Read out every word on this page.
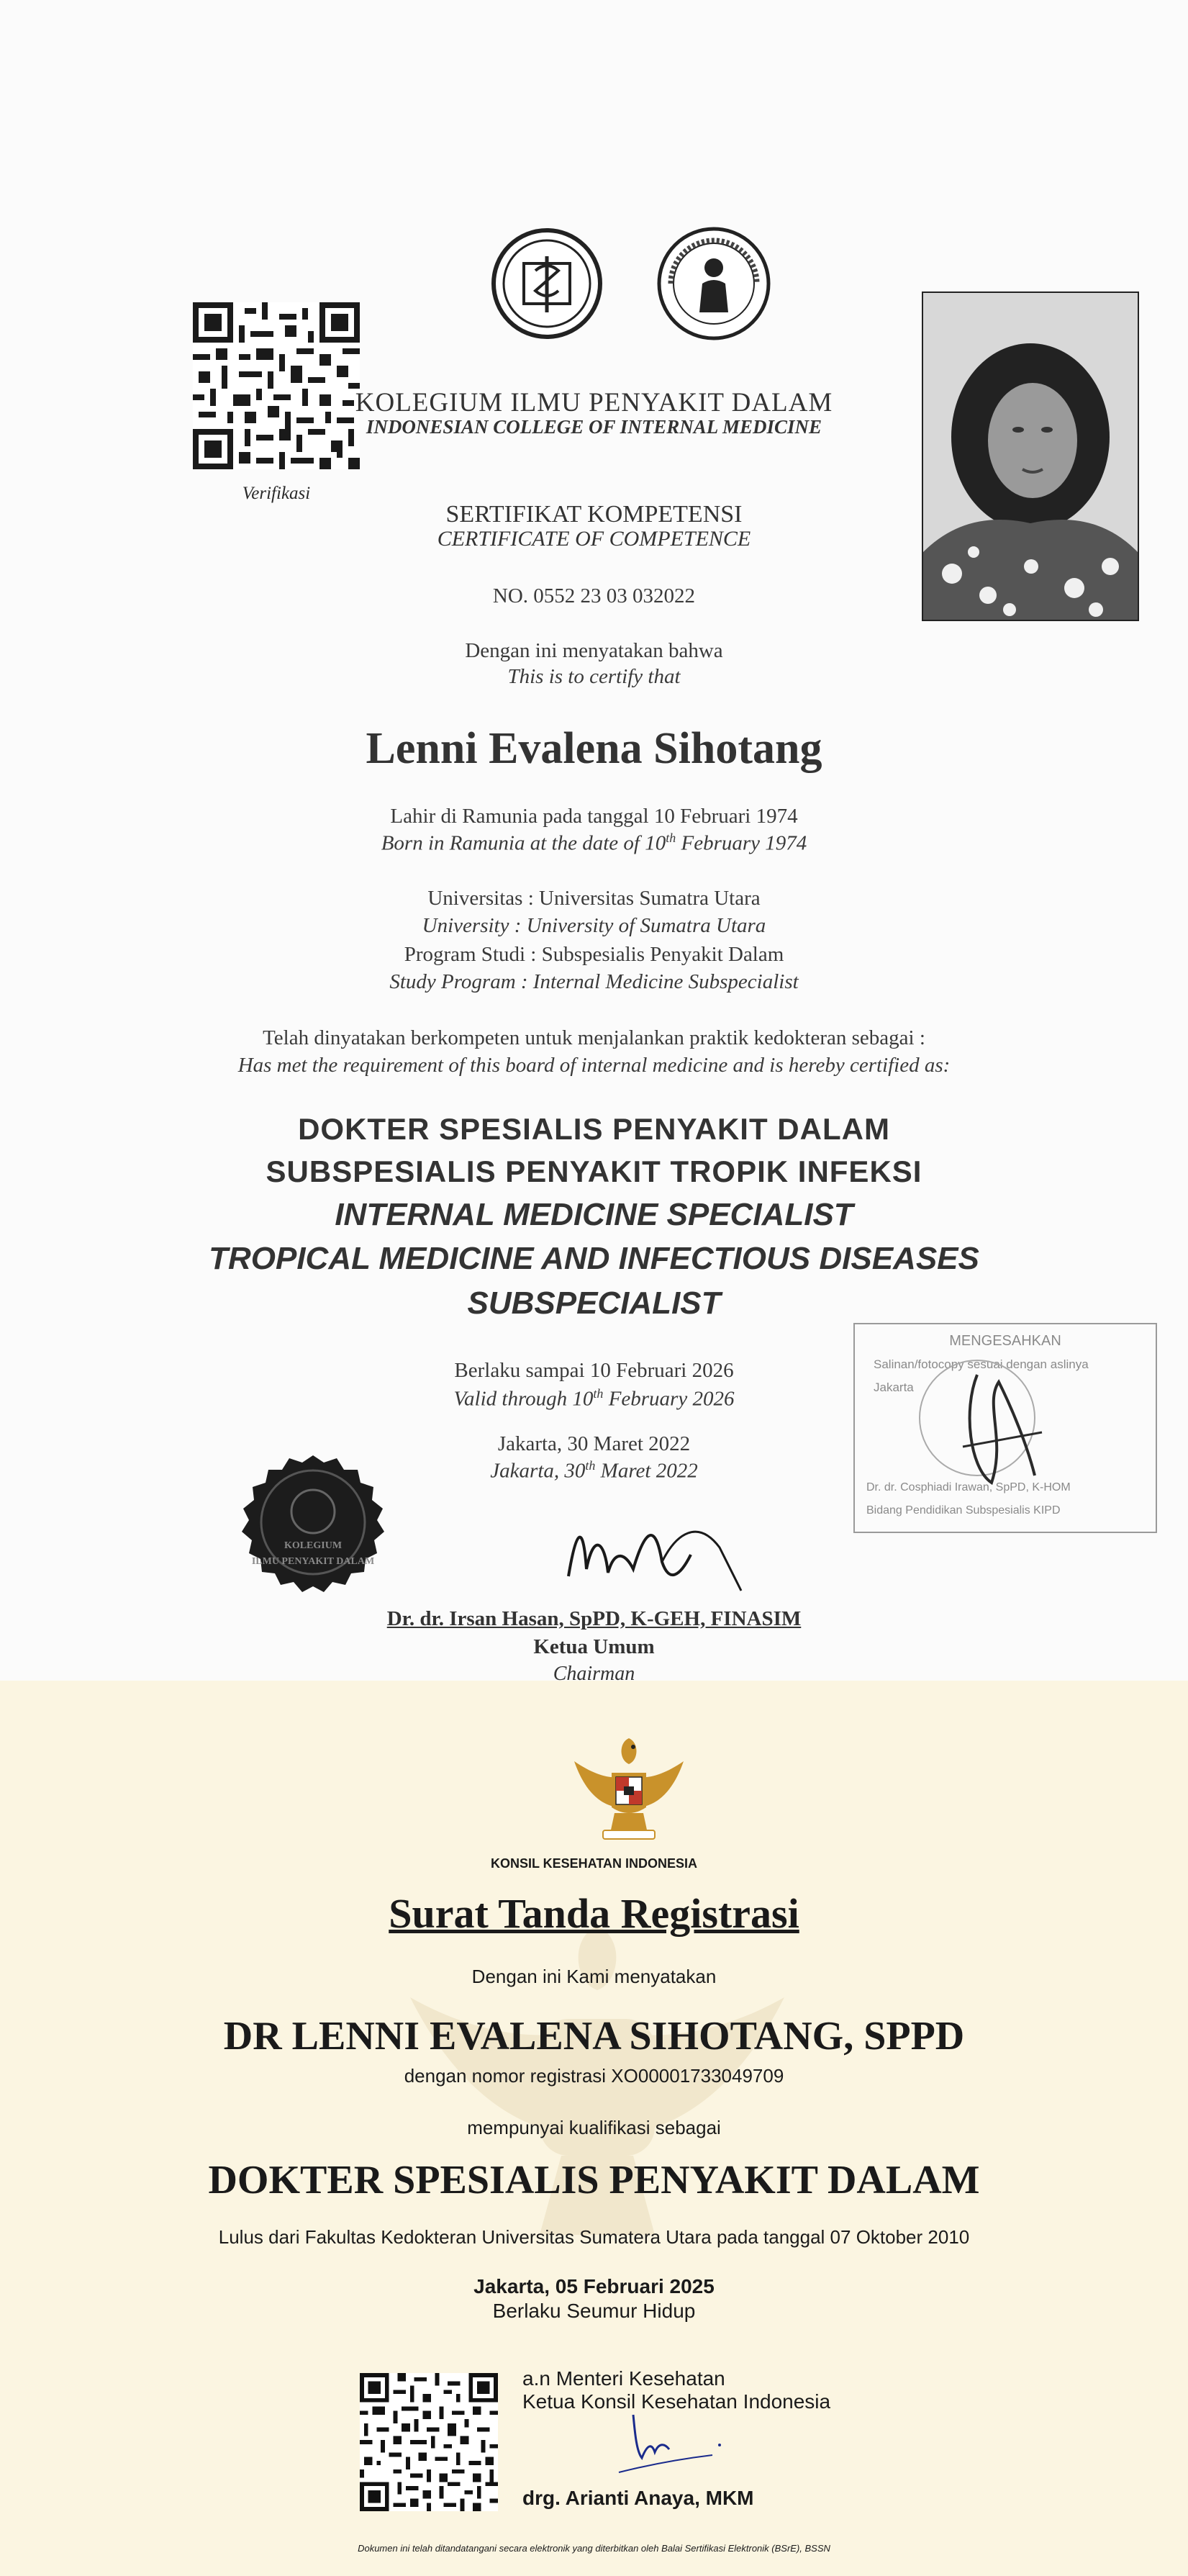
Verifikasi
KOLEGIUM ILMU PENYAKIT DALAM
INDONESIAN COLLEGE OF INTERNAL MEDICINE
SERTIFIKAT KOMPETENSI
CERTIFICATE OF COMPETENCE
NO. 0552 23 03 032022
Dengan ini menyatakan bahwa
This is to certify that
Lenni Evalena Sihotang
Lahir di Ramunia pada tanggal 10 Februari 1974
Born in Ramunia at the date of 10th February 1974
Universitas : Universitas Sumatra Utara
University : University of Sumatra Utara
Program Studi : Subspesialis Penyakit Dalam
Study Program : Internal Medicine Subspecialist
Telah dinyatakan berkompeten untuk menjalankan praktik kedokteran sebagai :
Has met the requirement of this board of internal medicine and is hereby certified as:
DOKTER SPESIALIS PENYAKIT DALAM
SUBSPESIALIS PENYAKIT TROPIK INFEKSI
INTERNAL MEDICINE SPECIALIST
TROPICAL MEDICINE AND INFECTIOUS DISEASES
SUBSPECIALIST
Berlaku sampai 10 Februari 2026
Valid through 10th February 2026
Jakarta, 30 Maret 2022
Jakarta, 30th Maret 2022
Dr. dr. Irsan Hasan, SpPD, K-GEH, FINASIM
Ketua Umum
Chairman
KOLEGIUM
ILMU PENYAKIT DALAM
MENGESAHKAN
Salinan/fotocopy sesuai dengan aslinya
Jakarta
Dr. dr. Cosphiadi Irawan, SpPD, K-HOM
Bidang Pendidikan Subspesialis KIPD
KONSIL KESEHATAN INDONESIA
Surat Tanda Registrasi
Dengan ini Kami menyatakan
DR LENNI EVALENA SIHOTANG, SPPD
dengan nomor registrasi XO00001733049709
mempunyai kualifikasi sebagai
DOKTER SPESIALIS PENYAKIT DALAM
Lulus dari Fakultas Kedokteran Universitas Sumatera Utara pada tanggal 07 Oktober 2010
Jakarta, 05 Februari 2025
Berlaku Seumur Hidup
a.n Menteri Kesehatan
Ketua Konsil Kesehatan Indonesia
drg. Arianti Anaya, MKM
Dokumen ini telah ditandatangani secara elektronik yang diterbitkan oleh Balai Sertifikasi Elektronik (BSrE), BSSN
